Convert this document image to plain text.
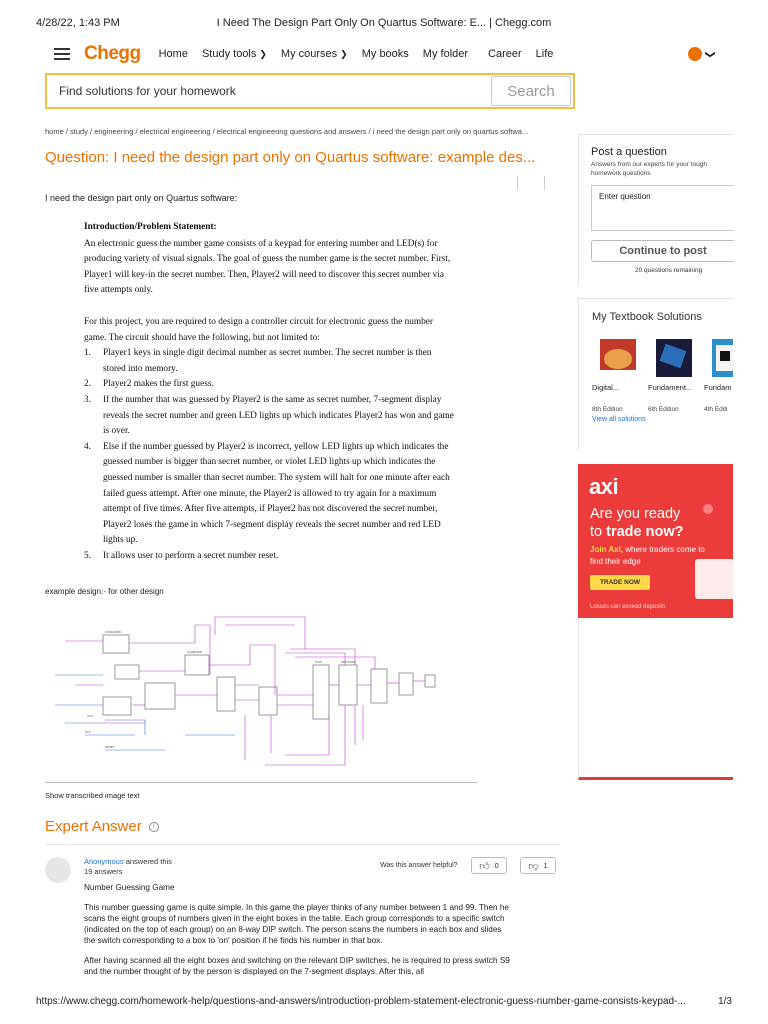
4/28/22, 1:43 PM	I Need The Design Part Only On Quartus Software: E... | Chegg.com
Chegg Home Study tools ❯ My courses ❯ My books My folder Career Life	❯
Find solutions for your homework
Search
home / study / engineering / electrical engineering / electrical engineering questions and answers / i need the design part only on quartus softwa...
Question: I need the design part only on Quartus software: example des...
I need the design part only on Quartus software:

Introduction/Problem Statement:

An electronic guess the number game consists of a keypad for entering number and LED(s) for producing variety of visual signals. The goal of guess the number game is the secret number. First, Player1 will key-in the secret number. Then, Player2 will need to discover this secret number via five attempts only.

For this project, you are required to design a controller circuit for electronic guess the number game. The circuit should have the following, but not limited to:

1. Player1 keys in single digit decimal number as secret number. The secret number is then stored into memory.
2. Player2 makes the first guess.
3. If the number that was guessed by Player2 is the same as secret number, 7-segment display reveals the secret number and green LED lights up which indicates Player2 has won and game is over.
4. Else if the number guessed by Player2 is incorrect, yellow LED lights up which indicates the guessed number is bigger than secret number, or violet LED lights up which indicates the guessed number is smaller than secret number. The system will halt for one minute after each failed guess attempt. After one minute, the Player2 is allowed to try again for a maximum attempt of five times. After five attempts, if Player2 has not discovered the secret number, Player2 loses the game in which 7-segment display reveals the secret number and red LED lights up.
5. It allows user to perform a secret number reset.
example design:- for other design
UNSIGNED
COMPARE
MUX	DECODER
VCC
CLK
RESET
Show transcribed image text
Expert Answer	i
Anonymous answered this
19 answers
Was this answer helpful? 👍︎ 0	👎︎ 1

Number Guessing Game

This number guessing game is quite simple. In this game the player thinks of any number between 1 and 99. Then he scans the eight groups of numbers given in the eight boxes in the table. Each group corresponds to a specific switch (indicated on the top of each group) on an 8-way DIP switch. The person scans the numbers in each box and slides the switch corresponding to a box to 'on' position if he finds his number in that box.

After having scanned all the eight boxes and switching on the relevant DIP switches, he is required to press switch S9 and the number thought of by the person is displayed on the 7-segment displays. After this, all

Post a question
Answers from our experts for your tough homework questions
Enter question Continue to post
20 questions remaining
My Textbook Solutions
Digital...
8th Edition
Fundament...
6th Edition
Fundam
4th Editi
View all solutions
axi
Are you ready
to trade now?
Join Axi, where traders come to find their edge
TRADE NOW
Losses can exceed deposits
https://www.chegg.com/homework-help/questions-and-answers/introduction-problem-statement-electronic-guess-number-game-consists-keypad-...	1/3
